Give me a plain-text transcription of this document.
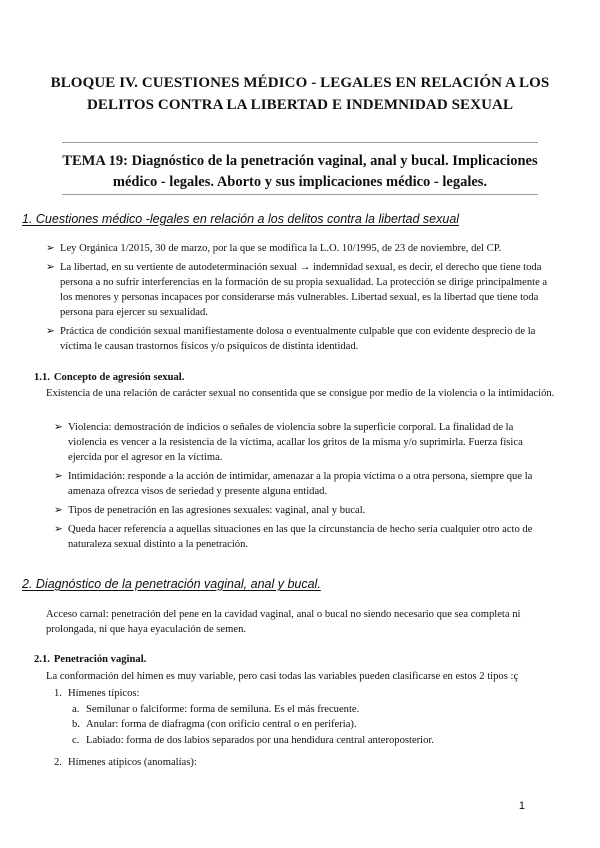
BLOQUE IV. CUESTIONES MÉDICO - LEGALES EN RELACIÓN A LOS DELITOS CONTRA LA LIBERTAD E INDEMNIDAD SEXUAL
TEMA 19: Diagnóstico de la penetración vaginal, anal y bucal. Implicaciones médico - legales. Aborto y sus implicaciones médico - legales.
1. Cuestiones médico -legales en relación a los delitos contra la libertad sexual
➢ Ley Orgánica 1/2015, 30 de marzo, por la que se modifica la L.O. 10/1995, de 23 de noviembre, del CP.
➢ La libertad, en su vertiente de autodeterminación sexual → indemnidad sexual, es decir, el derecho que tiene toda persona a no sufrir interferencias en la formación de su propia sexualidad. La protección se dirige principalmente a los menores y personas incapaces por considerarse más vulnerables. Libertad sexual, es la libertad que tiene toda persona para ejercer su sexualidad.
➢ Práctica de condición sexual manifiestamente dolosa o eventualmente culpable que con evidente desprecio de la víctima le causan trastornos físicos y/o psíquicos de distinta identidad.
1.1. Concepto de agresión sexual.
Existencia de una relación de carácter sexual no consentida que se consigue por medio de la violencia o la intimidación.
➢ Violencia: demostración de indicios o señales de violencia sobre la superficie corporal. La finalidad de la violencia es vencer a la resistencia de la víctima, acallar los gritos de la misma y/o suprimirla. Fuerza física ejercida por el agresor en la víctima.
➢ Intimidación: responde a la acción de intimidar, amenazar a la propia víctima o a otra persona, siempre que la amenaza ofrezca visos de seriedad y presente alguna entidad.
➢ Tipos de penetración en las agresiones sexuales: vaginal, anal y bucal.
➢ Queda hacer referencia a aquellas situaciones en las que la circunstancia de hecho sería cualquier otro acto de naturaleza sexual distinto a la penetración.
2. Diagnóstico de la penetración vaginal, anal y bucal.
Acceso carnal: penetración del pene en la cavidad vaginal, anal o bucal no siendo necesario que sea completa ni prolongada, ni que haya eyaculación de semen.
2.1. Penetración vaginal.
La conformación del himen es muy variable, pero casi todas las variables pueden clasificarse en estos 2 tipos :ç
1. Hímenes típicos:
a. Semilunar o falciforme: forma de semiluna. Es el más frecuente.
b. Anular: forma de diafragma (con orificio central o en periferia).
c. Labiado: forma de dos labios separados por una hendidura central anteroposterior.
2. Hímenes atípicos (anomalías):
1
